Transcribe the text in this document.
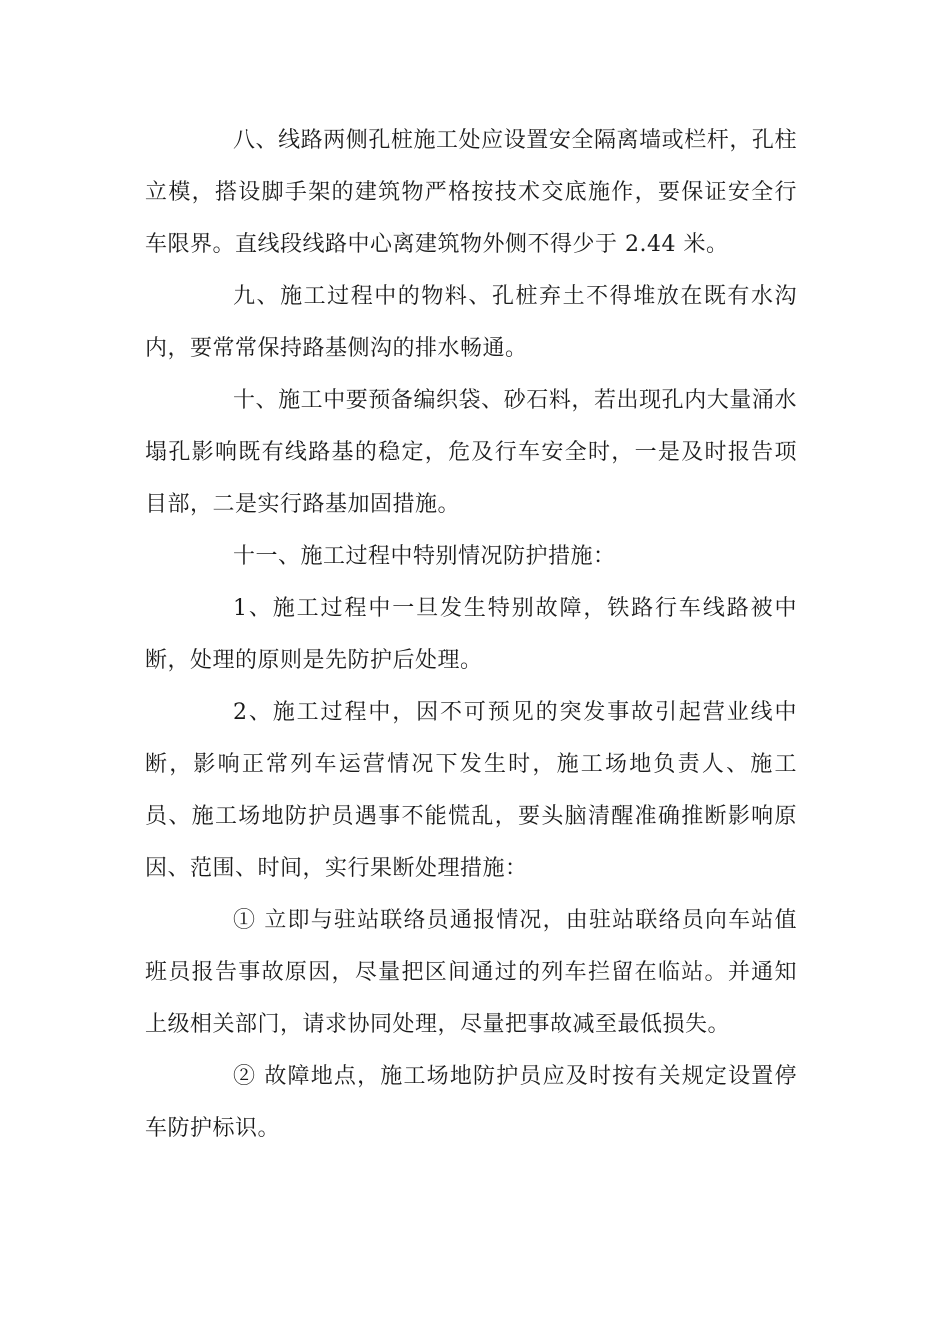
八、线路两侧孔桩施工处应设置安全隔离墙或栏杆，孔柱立模，搭设脚手架的建筑物严格按技术交底施作，要保证安全行车限界。直线段线路中心离建筑物外侧不得少于 2.44 米。

九、施工过程中的物料、孔桩弃土不得堆放在既有水沟内，要常常保持路基侧沟的排水畅通。

十、施工中要预备编织袋、砂石料，若出现孔内大量涌水塌孔影响既有线路基的稳定，危及行车安全时，一是及时报告项目部，二是实行路基加固措施。

十一、施工过程中特别情况防护措施：

1、施工过程中一旦发生特别故障，铁路行车线路被中断，处理的原则是先防护后处理。

2、施工过程中，因不可预见的突发事故引起营业线中断，影响正常列车运营情况下发生时，施工场地负责人、施工员、施工场地防护员遇事不能慌乱，要头脑清醒准确推断影响原因、范围、时间，实行果断处理措施：

① 立即与驻站联络员通报情况，由驻站联络员向车站值班员报告事故原因，尽量把区间通过的列车拦留在临站。并通知上级相关部门，请求协同处理，尽量把事故减至最低损失。

② 故障地点，施工场地防护员应及时按有关规定设置停车防护标识。
